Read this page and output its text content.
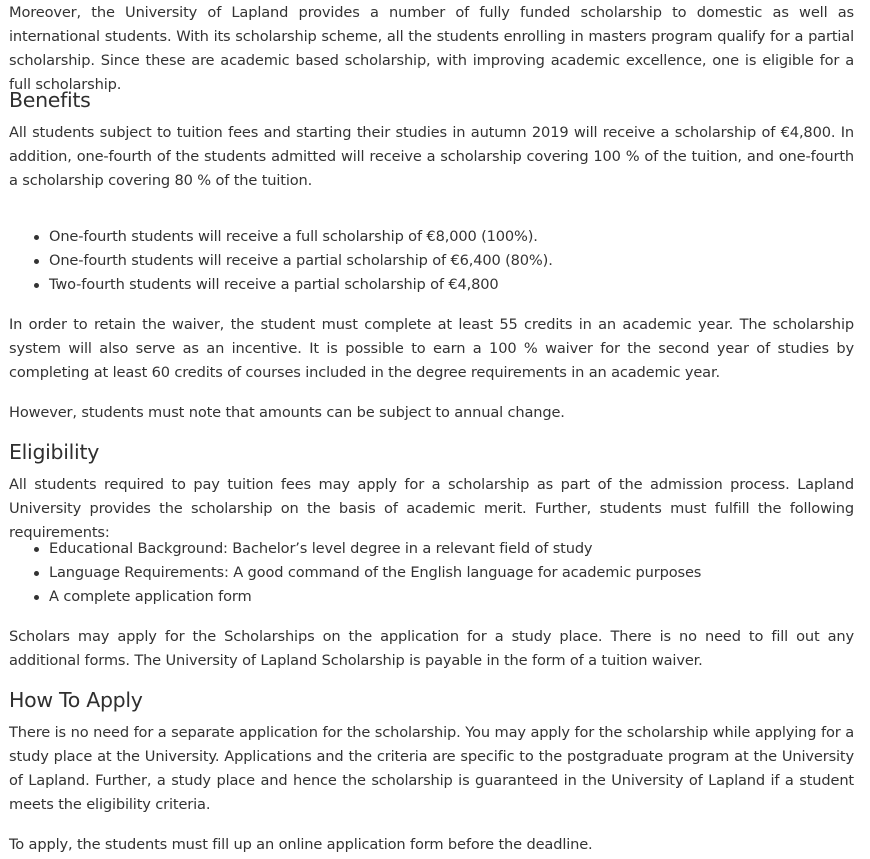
Moreover, the University of Lapland provides a number of fully funded scholarship to domestic as well as international students. With its scholarship scheme, all the students enrolling in masters program qualify for a partial scholarship. Since these are academic based scholarship, with improving academic excellence, one is eligible for a full scholarship.

Benefits

All students subject to tuition fees and starting their studies in autumn 2019 will receive a scholarship of €4,800. In addition, one-fourth of the students admitted will receive a scholarship covering 100 % of the tuition, and one-fourth a scholarship covering 80 % of the tuition.

One-fourth students will receive a full scholarship of €8,000 (100%).
One-fourth students will receive a partial scholarship of €6,400 (80%).
Two-fourth students will receive a partial scholarship of €4,800

In order to retain the waiver, the student must complete at least 55 credits in an academic year. The scholarship system will also serve as an incentive. It is possible to earn a 100 % waiver for the second year of studies by completing at least 60 credits of courses included in the degree requirements in an academic year.

However, students must note that amounts can be subject to annual change.

Eligibility

All students required to pay tuition fees may apply for a scholarship as part of the admission process. Lapland University provides the scholarship on the basis of academic merit. Further, students must fulfill the following requirements:

Educational Background: Bachelor’s level degree in a relevant field of study
Language Requirements: A good command of the English language for academic purposes
A complete application form

Scholars may apply for the Scholarships on the application for a study place. There is no need to fill out any additional forms. The University of Lapland Scholarship is payable in the form of a tuition waiver.

How To Apply

There is no need for a separate application for the scholarship. You may apply for the scholarship while applying for a study place at the University. Applications and the criteria are specific to the postgraduate program at the University of Lapland. Further, a study place and hence the scholarship is guaranteed in the University of Lapland if a student meets the eligibility criteria.

To apply, the students must fill up an online application form before the deadline.
